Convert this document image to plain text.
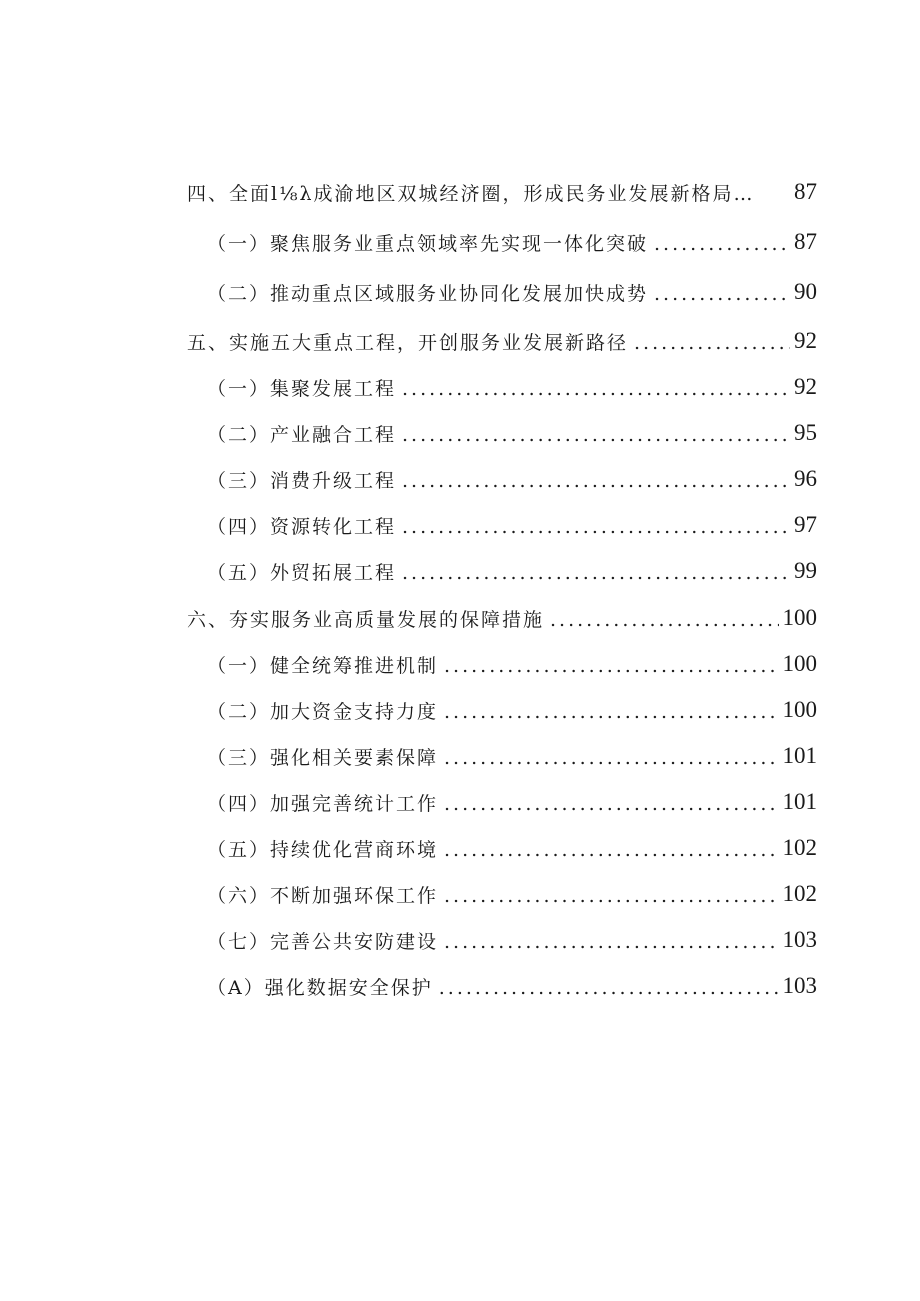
四、全面l⅛λ成渝地区双城经济圈，形成民务业发展新格局… 87
（一）聚焦服务业重点领域率先实现一体化突破 .....	87
（二）推动重点区域服务业协同化发展加快成势 .....	90
五、实施五大重点工程，开创服务业发展新路径 .....	92
（一）集聚发展工程 .....	92
（二）产业融合工程 .....	95
（三）消费升级工程 .....	96
（四）资源转化工程 .....	97
（五）外贸拓展工程 .....	99
六、夯实服务业高质量发展的保障措施 .....	100
（一）健全统筹推进机制 .....	100
（二）加大资金支持力度 .....	100
（三）强化相关要素保障 .....	101
（四）加强完善统计工作 .....	101
（五）持续优化营商环境 .....	102
（六）不断加强环保工作 .....	102
（七）完善公共安防建设 .....	103
（A）强化数据安全保护 .....	103
